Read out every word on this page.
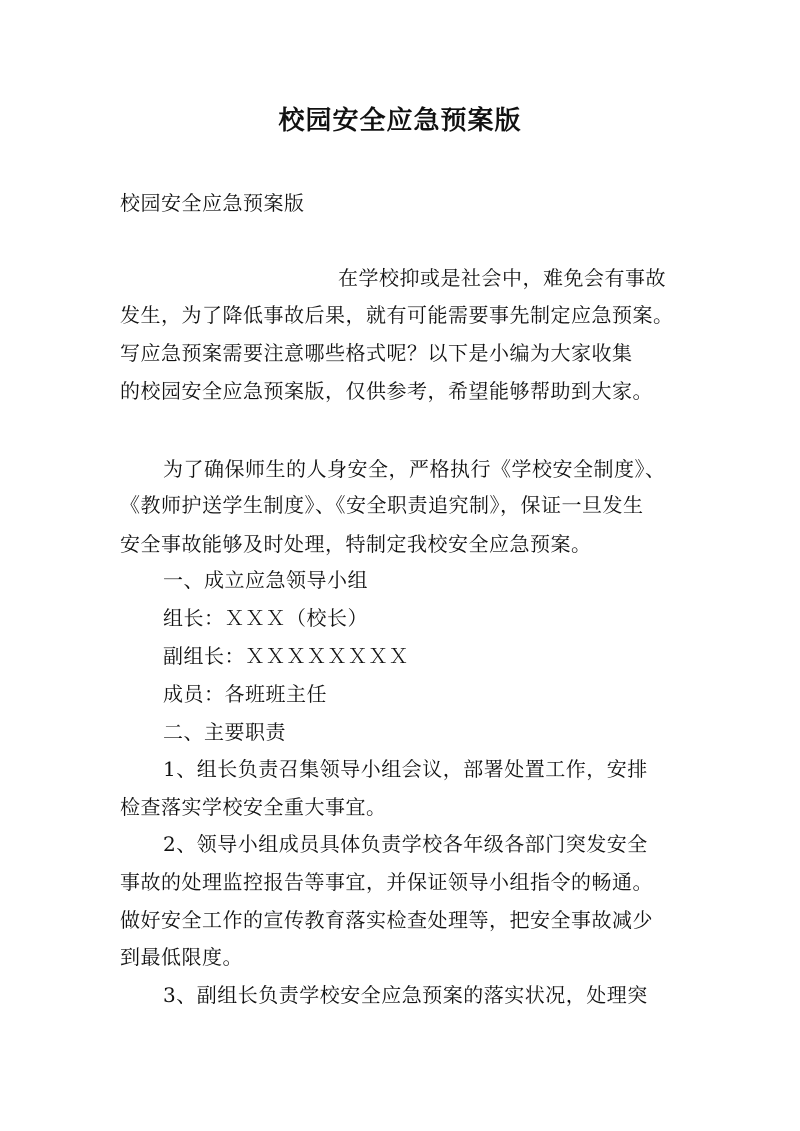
校园安全应急预案版
校园安全应急预案版
在学校抑或是社会中，难免会有事故
发生，为了降低事故后果，就有可能需要事先制定应急预案。
写应急预案需要注意哪些格式呢？以下是小编为大家收集
的校园安全应急预案版，仅供参考，希望能够帮助到大家。
为了确保师生的人身安全，严格执行《学校安全制度》、
《教师护送学生制度》、《安全职责追究制》，保证一旦发生
安全事故能够及时处理，特制定我校安全应急预案。
一、成立应急领导小组
组长：ＸＸＸ（校长）
副组长：ＸＸＸＸＸＸＸＸ
成员：各班班主任
二、主要职责
1、组长负责召集领导小组会议，部署处置工作，安排
检查落实学校安全重大事宜。
2、领导小组成员具体负责学校各年级各部门突发安全
事故的处理监控报告等事宜，并保证领导小组指令的畅通。
做好安全工作的宣传教育落实检查处理等，把安全事故减少
到最低限度。
3、副组长负责学校安全应急预案的落实状况，处理突
